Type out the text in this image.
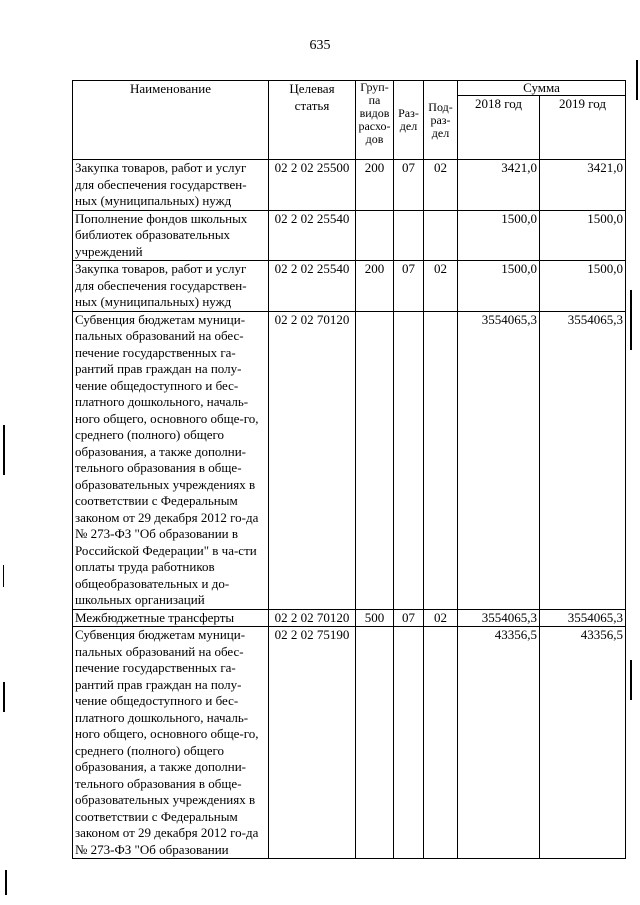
635
Наименование	Целевая статья	Груп-па видов расхо-дов	Раз-дел	Под-раз-дел	Сумма	
					2018 год	2019 год
Закупка товаров, работ и услуг для обеспечения государствен-ных (муниципальных) нужд	02 2 02 25500	200	07	02	3421,0	3421,0
Пополнение фондов школьных библиотек образовательных учреждений	02 2 02 25540				1500,0	1500,0
Закупка товаров, работ и услуг для обеспечения государствен-ных (муниципальных) нужд	02 2 02 25540	200	07	02	1500,0	1500,0
Субвенция бюджетам муници-пальных образований на обес-печение государственных га-рантий прав граждан на полу-чение общедоступного и бес-платного дошкольного, началь-ного общего, основного обще-го, среднего (полного) общего образования, а также дополни-тельного образования в обще-образовательных учреждениях в соответствии с Федеральным законом от 29 декабря 2012 го-да № 273-ФЗ "Об образовании в Российской Федерации" в ча-сти оплаты труда работников общеобразовательных и до-школьных организаций	02 2 02 70120				3554065,3	3554065,3
Межбюджетные трансферты	02 2 02 70120	500	07	02	3554065,3	3554065,3
Субвенция бюджетам муници-пальных образований на обес-печение государственных га-рантий прав граждан на полу-чение общедоступного и бес-платного дошкольного, началь-ного общего, основного обще-го, среднего (полного) общего образования, а также дополни-тельного образования в обще-образовательных учреждениях в соответствии с Федеральным законом от 29 декабря 2012 го-да № 273-ФЗ "Об образовании	02 2 02 75190				43356,5	43356,5
